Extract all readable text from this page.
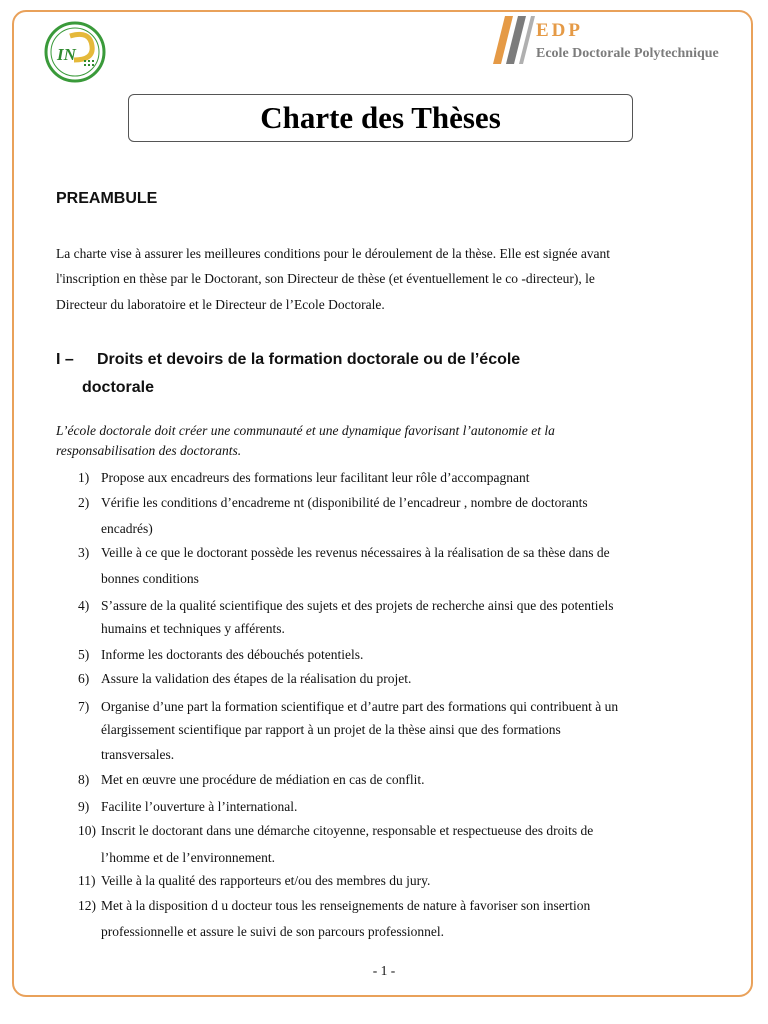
IN
EDP
Ecole Doctorale Polytechnique
Charte des Thèses
PREAMBULE
La charte vise à assurer les meilleures conditions pour le déroulement de la thèse. Elle est signée avant
l'inscription en thèse par le Doctorant, son Directeur de thèse (et éventuellement le co -directeur), le
Directeur du laboratoire et le Directeur de l’Ecole Doctorale.
I – Droits et devoirs de la formation doctorale ou de l’école
doctorale
L’école doctorale doit créer une communauté et une dynamique favorisant l’autonomie et la
responsabilisation des doctorants.
1) Propose aux encadreurs des formations leur facilitant leur rôle d’accompagnant
2) Vérifie les conditions d’encadreme nt (disponibilité de l’encadreur , nombre de doctorants
encadrés)
3) Veille à ce que le doctorant possède les revenus nécessaires à la réalisation de sa thèse dans de
bonnes conditions
4) S’assure de la qualité scientifique des sujets et des projets de recherche ainsi que des potentiels
humains et techniques y afférents.
5) Informe les doctorants des débouchés potentiels.
6) Assure la validation des étapes de la réalisation du projet.
7) Organise d’une part la formation scientifique et d’autre part des formations qui contribuent à un
élargissement scientifique par rapport à un projet de la thèse ainsi que des formations
transversales.
8) Met en œuvre une procédure de médiation en cas de conflit.
9) Facilite l’ouverture à l’international.
10) Inscrit le doctorant dans une démarche citoyenne, responsable et respectueuse des droits de
l’homme et de l’environnement.
11) Veille à la qualité des rapporteurs et/ou des membres du jury.
12) Met à la disposition d u docteur tous les renseignements de nature à favoriser son insertion
professionnelle et assure le suivi de son parcours professionnel.
- 1 -
